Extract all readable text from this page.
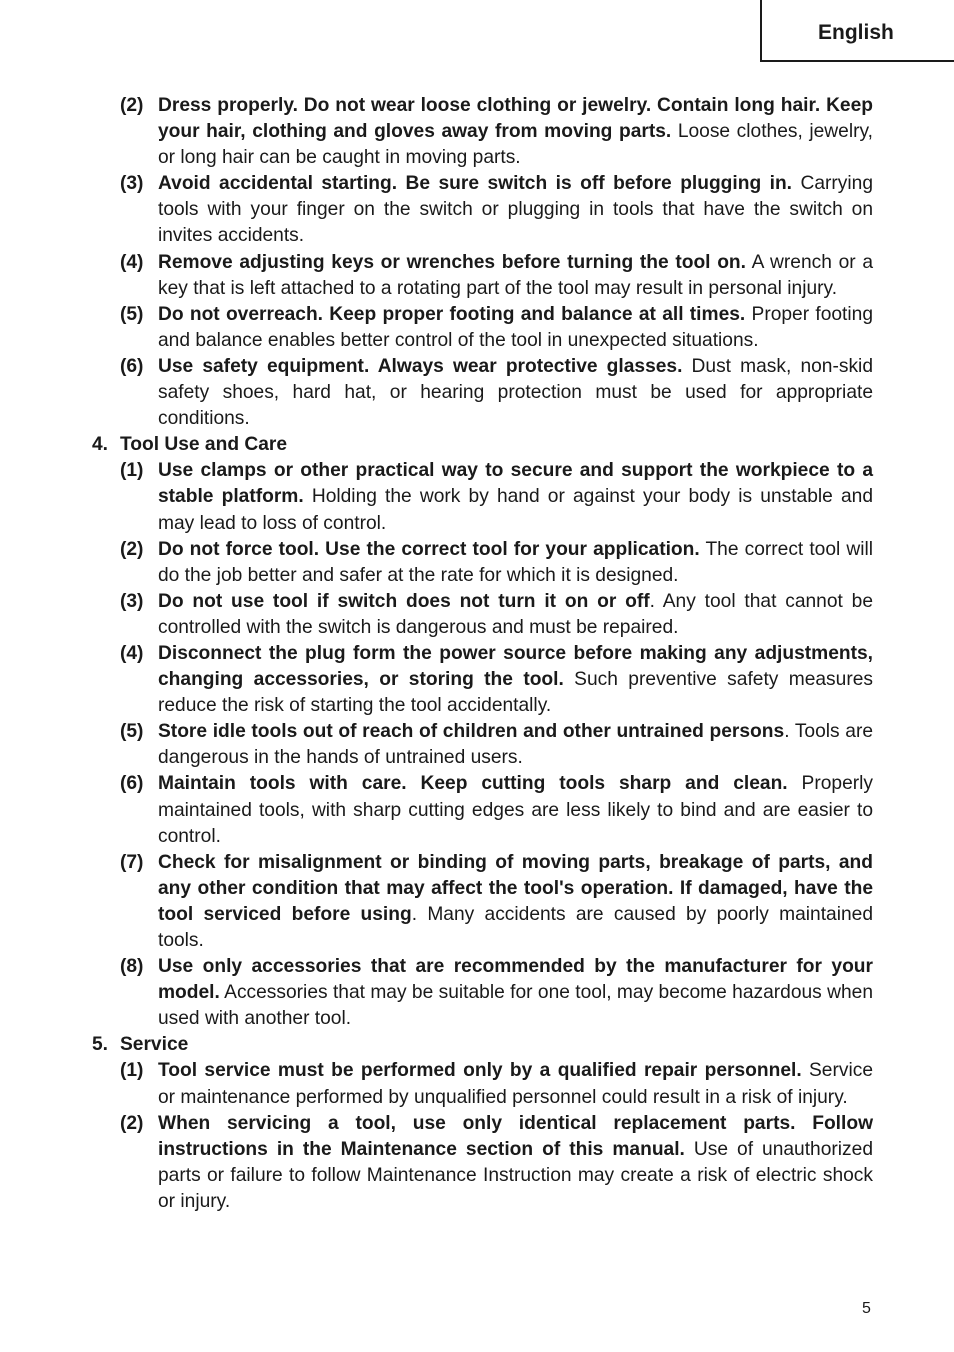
English
(2) Dress properly. Do not wear loose clothing or jewelry. Contain long hair. Keep your hair, clothing and gloves away from moving parts. Loose clothes, jewelry, or long hair can be caught in moving parts.
(3) Avoid accidental starting. Be sure switch is off before plugging in. Carrying tools with your finger on the switch or plugging in tools that have the switch on invites accidents.
(4) Remove adjusting keys or wrenches before turning the tool on. A wrench or a key that is left attached to a rotating part of the tool may result in personal injury.
(5) Do not overreach. Keep proper footing and balance at all times. Proper footing and balance enables better control of the tool in unexpected situations.
(6) Use safety equipment. Always wear protective glasses. Dust mask, non-skid safety shoes, hard hat, or hearing protection must be used for appropriate conditions.
4. Tool Use and Care
(1) Use clamps or other practical way to secure and support the workpiece to a stable platform. Holding the work by hand or against your body is unstable and may lead to loss of control.
(2) Do not force tool. Use the correct tool for your application. The correct tool will do the job better and safer at the rate for which it is designed.
(3) Do not use tool if switch does not turn it on or off. Any tool that cannot be controlled with the switch is dangerous and must be repaired.
(4) Disconnect the plug form the power source before making any adjustments, changing accessories, or storing the tool. Such preventive safety measures reduce the risk of starting the tool accidentally.
(5) Store idle tools out of reach of children and other untrained persons. Tools are dangerous in the hands of untrained users.
(6) Maintain tools with care. Keep cutting tools sharp and clean. Properly maintained tools, with sharp cutting edges are less likely to bind and are easier to control.
(7) Check for misalignment or binding of moving parts, breakage of parts, and any other condition that may affect the tool's operation. If damaged, have the tool serviced before using. Many accidents are caused by poorly maintained tools.
(8) Use only accessories that are recommended by the manufacturer for your model. Accessories that may be suitable for one tool, may become hazardous when used with another tool.
5. Service
(1) Tool service must be performed only by a qualified repair personnel. Service or maintenance performed by unqualified personnel could result in a risk of injury.
(2) When servicing a tool, use only identical replacement parts. Follow instructions in the Maintenance section of this manual. Use of unauthorized parts or failure to follow Maintenance Instruction may create a risk of electric shock or injury.
5
